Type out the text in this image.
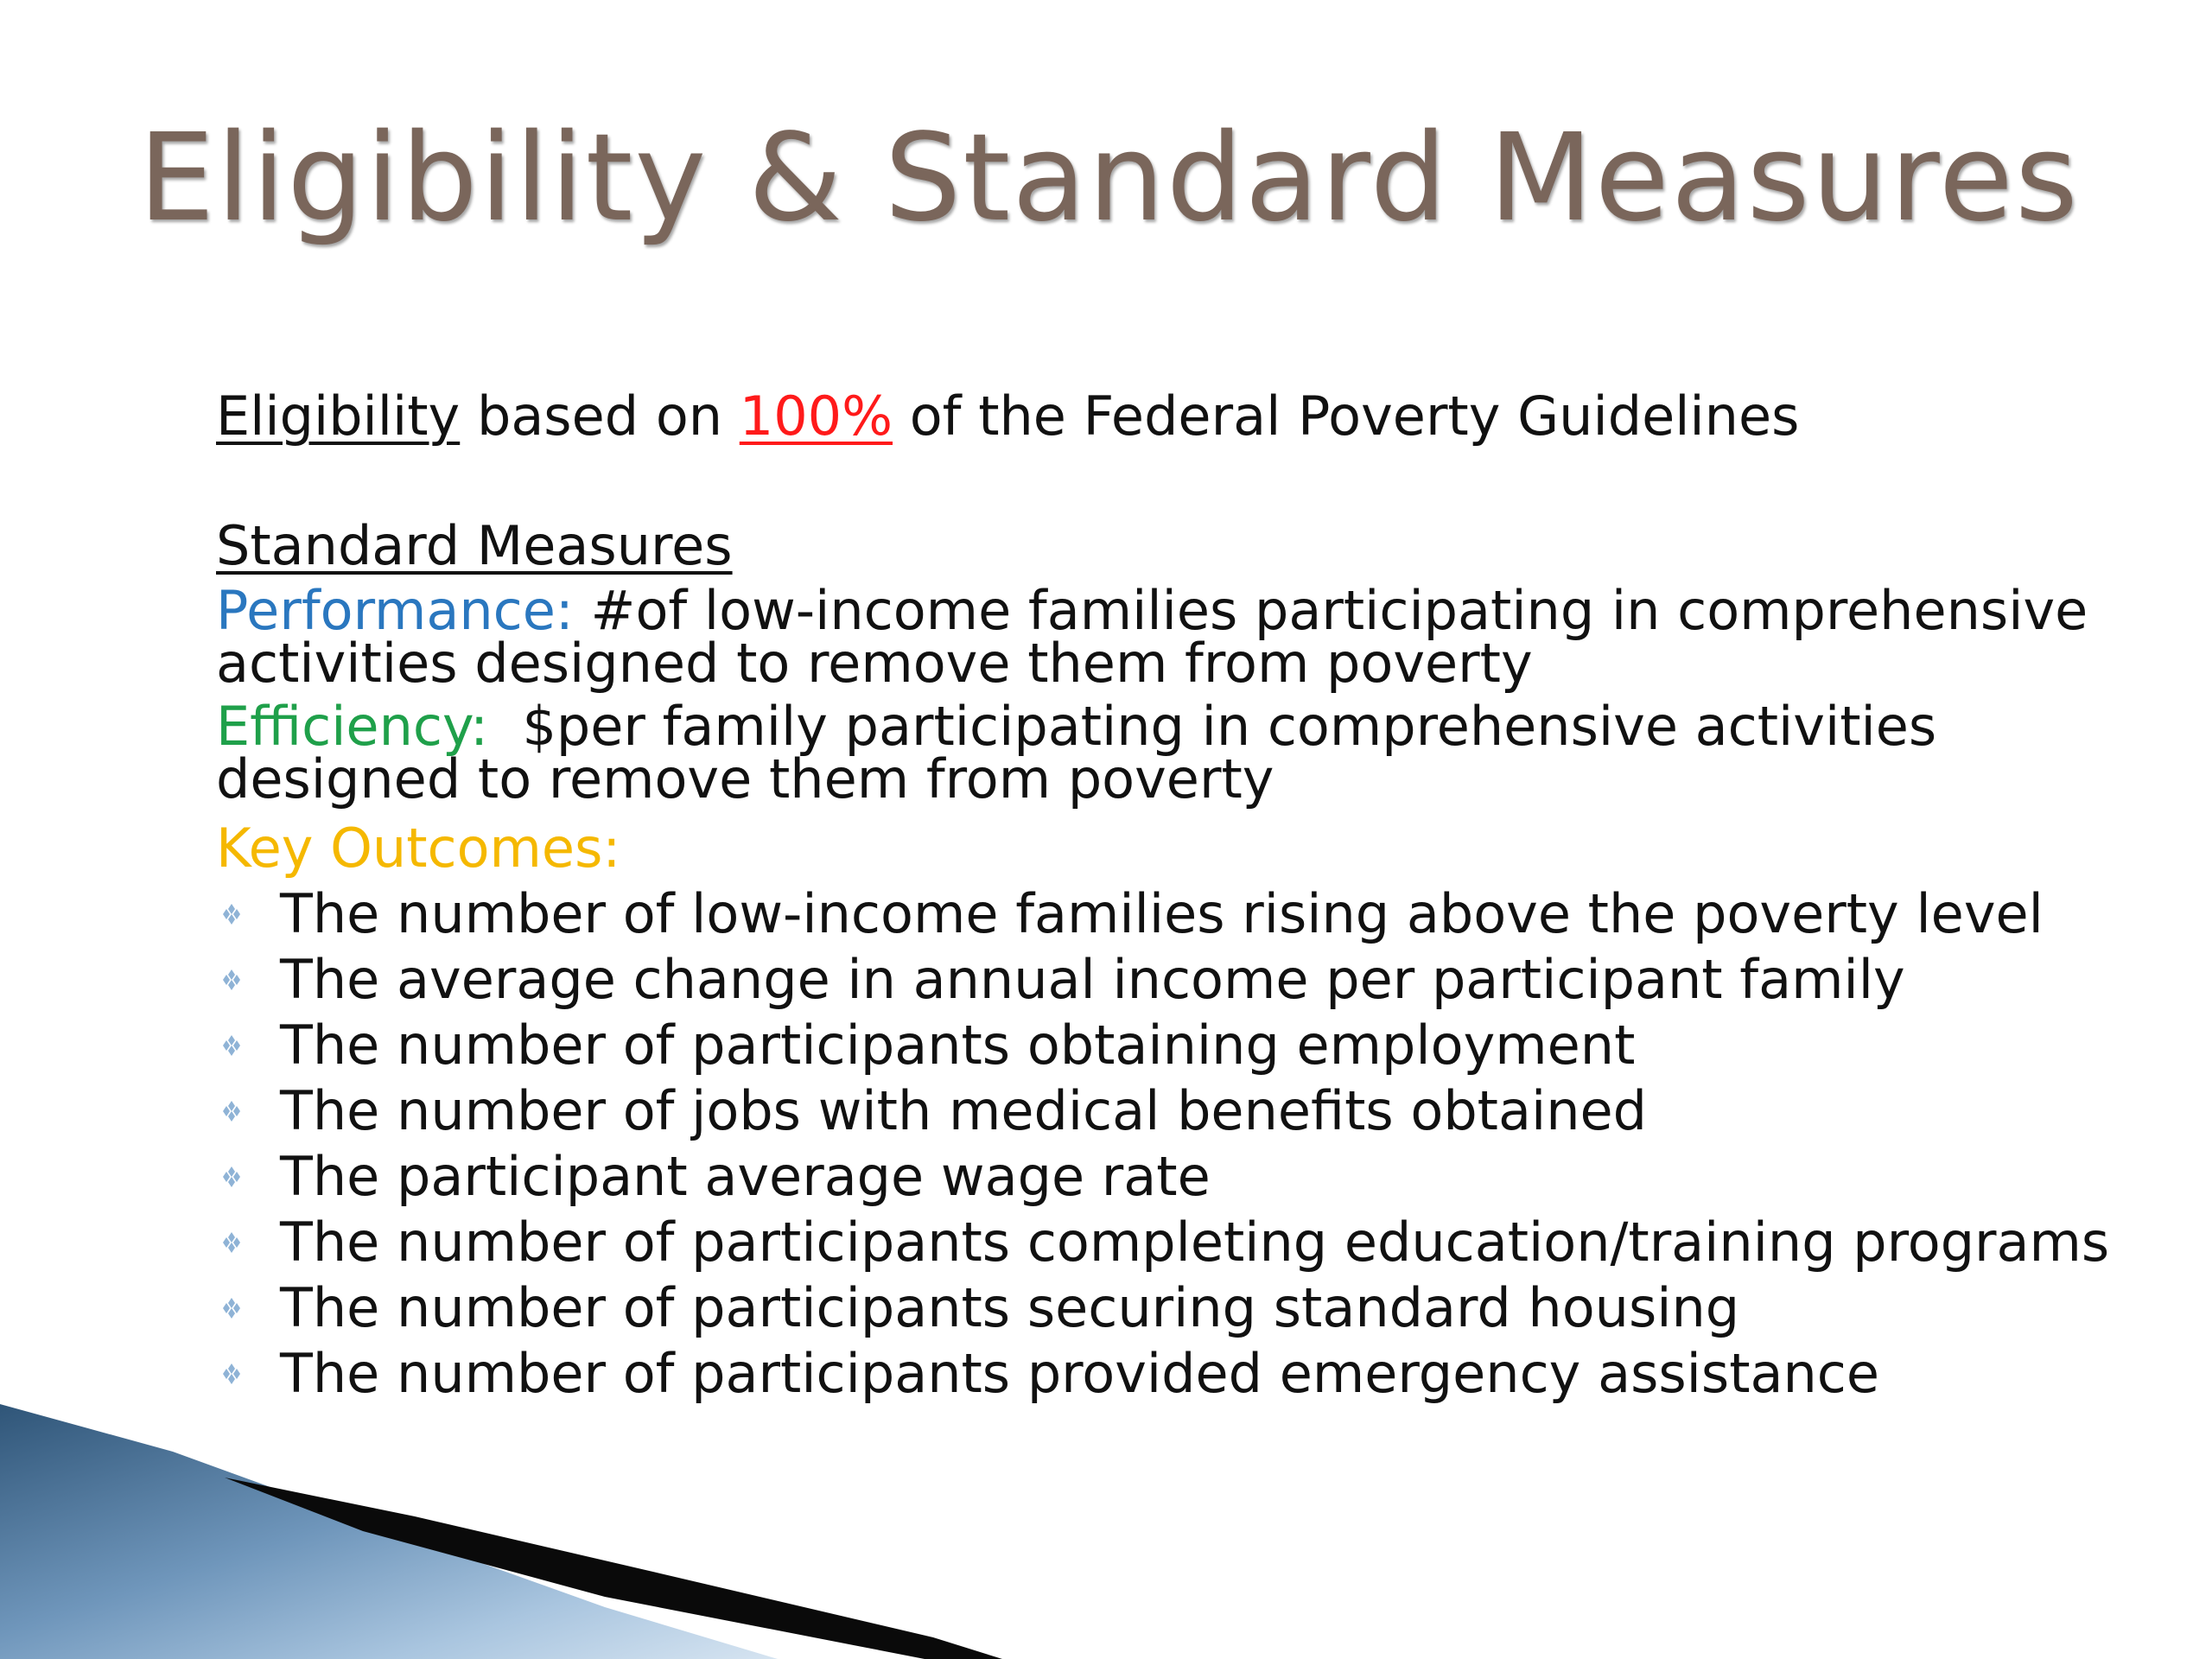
Eligibility & Standard Measures
Eligibility based on 100% of the Federal Poverty Guidelines
Standard Measures
Performance: #of low-income families participating in comprehensive activities designed to remove them from poverty
Efficiency:  $per family participating in comprehensive activities designed to remove them from poverty
Key Outcomes:
The number of low-income families rising above the poverty level
The average change in annual income per participant family
The number of participants obtaining employment
The number of jobs with medical benefits obtained
The participant average wage rate
The number of participants completing education/training programs
The number of participants securing standard housing
The number of participants provided emergency assistance
